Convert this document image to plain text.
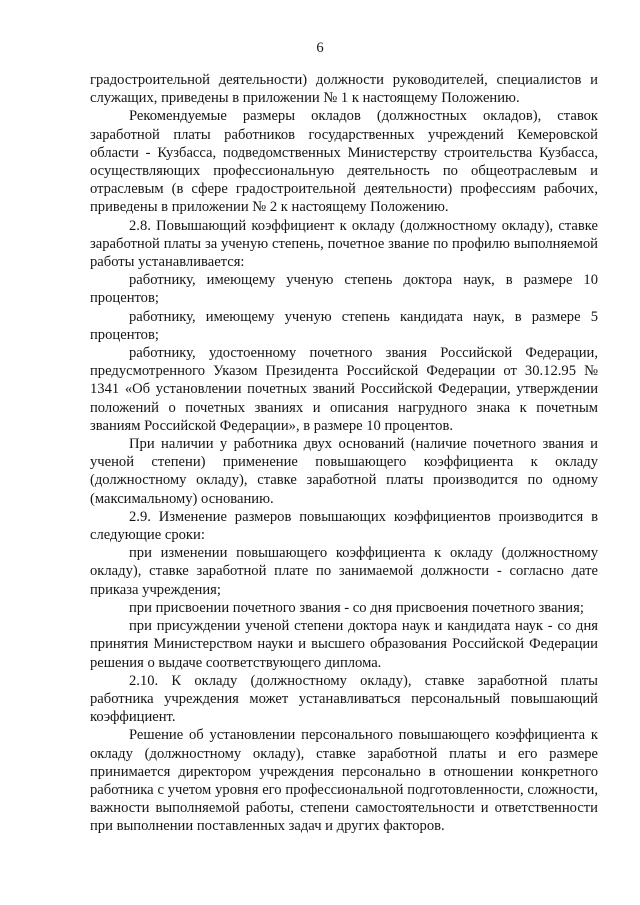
6

градостроительной деятельности) должности руководителей, специалистов и служащих, приведены в приложении № 1 к настоящему Положению.

Рекомендуемые размеры окладов (должностных окладов), ставок заработной платы работников государственных учреждений Кемеровской области - Кузбасса, подведомственных Министерству строительства Кузбасса, осуществляющих профессиональную деятельность по общеотраслевым и отраслевым (в сфере градостроительной деятельности) профессиям рабочих, приведены в приложении № 2 к настоящему Положению.

2.8. Повышающий коэффициент к окладу (должностному окладу), ставке заработной платы за ученую степень, почетное звание по профилю выполняемой работы устанавливается:

работнику, имеющему ученую степень доктора наук, в размере 10 процентов;

работнику, имеющему ученую степень кандидата наук, в размере 5 процентов;

работнику, удостоенному почетного звания Российской Федерации, предусмотренного Указом Президента Российской Федерации от 30.12.95 № 1341 «Об установлении почетных званий Российской Федерации, утверждении положений о почетных званиях и описания нагрудного знака к почетным званиям Российской Федерации», в размере 10 процентов.

При наличии у работника двух оснований (наличие почетного звания и ученой степени) применение повышающего коэффициента к окладу (должностному окладу), ставке заработной платы производится по одному (максимальному) основанию.

2.9. Изменение размеров повышающих коэффициентов производится в следующие сроки:

при изменении повышающего коэффициента к окладу (должностному окладу), ставке заработной плате по занимаемой должности - согласно дате приказа учреждения;

при присвоении почетного звания - со дня присвоения почетного звания;

при присуждении ученой степени доктора наук и кандидата наук - со дня принятия Министерством науки и высшего образования Российской Федерации решения о выдаче соответствующего диплома.

2.10. К окладу (должностному окладу), ставке заработной платы работника учреждения может устанавливаться персональный повышающий коэффициент.

Решение об установлении персонального повышающего коэффициента к окладу (должностному окладу), ставке заработной платы и его размере принимается директором учреждения персонально в отношении конкретного работника с учетом уровня его профессиональной подготовленности, сложности, важности выполняемой работы, степени самостоятельности и ответственности при выполнении поставленных задач и других факторов.
